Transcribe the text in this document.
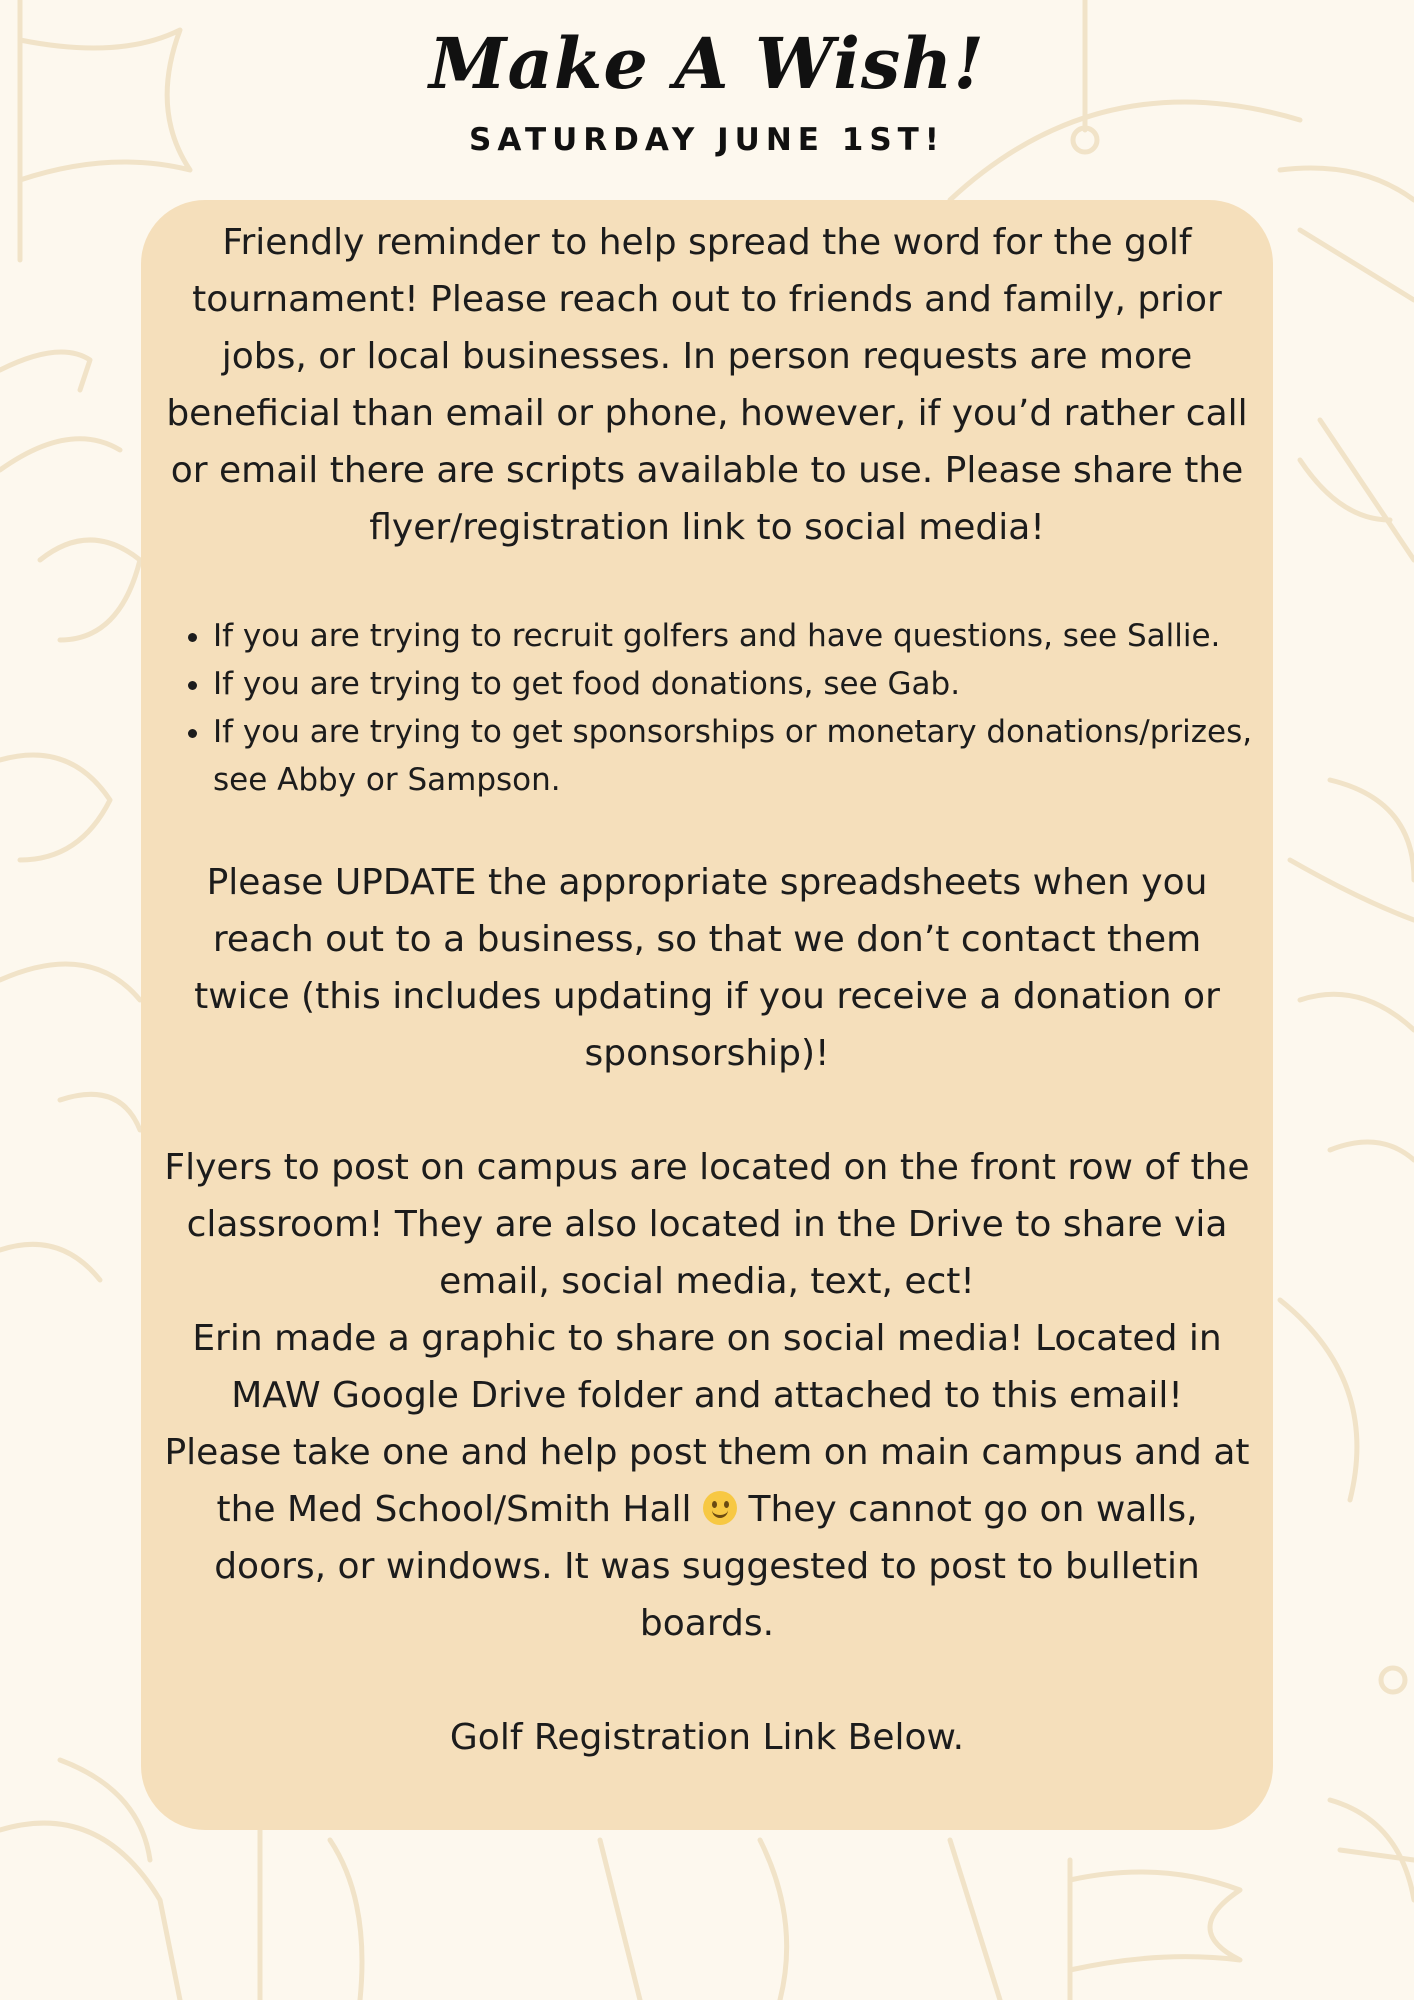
Make A Wish!
SATURDAY JUNE 1ST!

Friendly reminder to help spread the word for the golf tournament! Please reach out to friends and family, prior jobs, or local businesses. In person requests are more beneficial than email or phone, however, if you’d rather call or email there are scripts available to use. Please share the flyer/registration link to social media!

• If you are trying to recruit golfers and have questions, see Sallie.
• If you are trying to get food donations, see Gab.
• If you are trying to get sponsorships or monetary donations/prizes, see Abby or Sampson.

Please UPDATE the appropriate spreadsheets when you reach out to a business, so that we don’t contact them twice (this includes updating if you receive a donation or sponsorship)!

Flyers to post on campus are located on the front row of the classroom! They are also located in the Drive to share via email, social media, text, ect!

Erin made a graphic to share on social media! Located in MAW Google Drive folder and attached to this email!

Please take one and help post them on main campus and at the Med School/Smith Hall  They cannot go on walls, doors, or windows. It was suggested to post to bulletin boards.

Golf Registration Link Below.
